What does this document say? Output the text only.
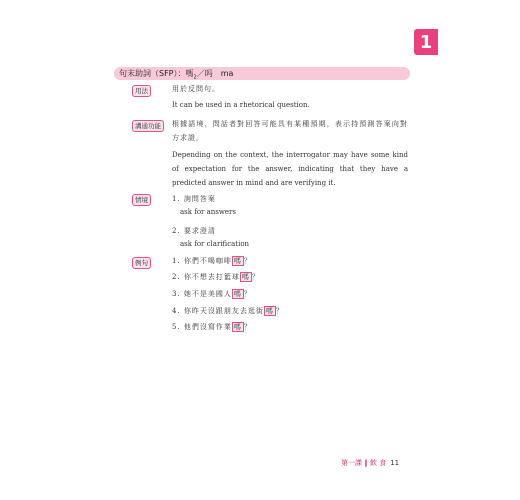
1
句末助詞（SFP）：嗎$_2$／吗　ma
用法	用於反問句。
It can be used in a rhetorical question.
溝通功能	根據語境，問話者對回答可能具有某種預期，表示持預測答案向對方求證。
Depending on the context, the interrogator may have some kind of expectation for the answer, indicating that they have a predicted answer in mind and are verifying it.
情境	1. 詢問答案
ask for answers
2. 要求澄清
ask for clarification
例句	1. 你們不喝咖啡 嗎 ？
2. 你不想去打籃球 嗎 ？
3. 她不是美國人 嗎 ？
4. 你昨天沒跟朋友去逛街 嗎 ？
5. 他們沒寫作業 嗎 ？
第一課 ‖ 飲 食 11
